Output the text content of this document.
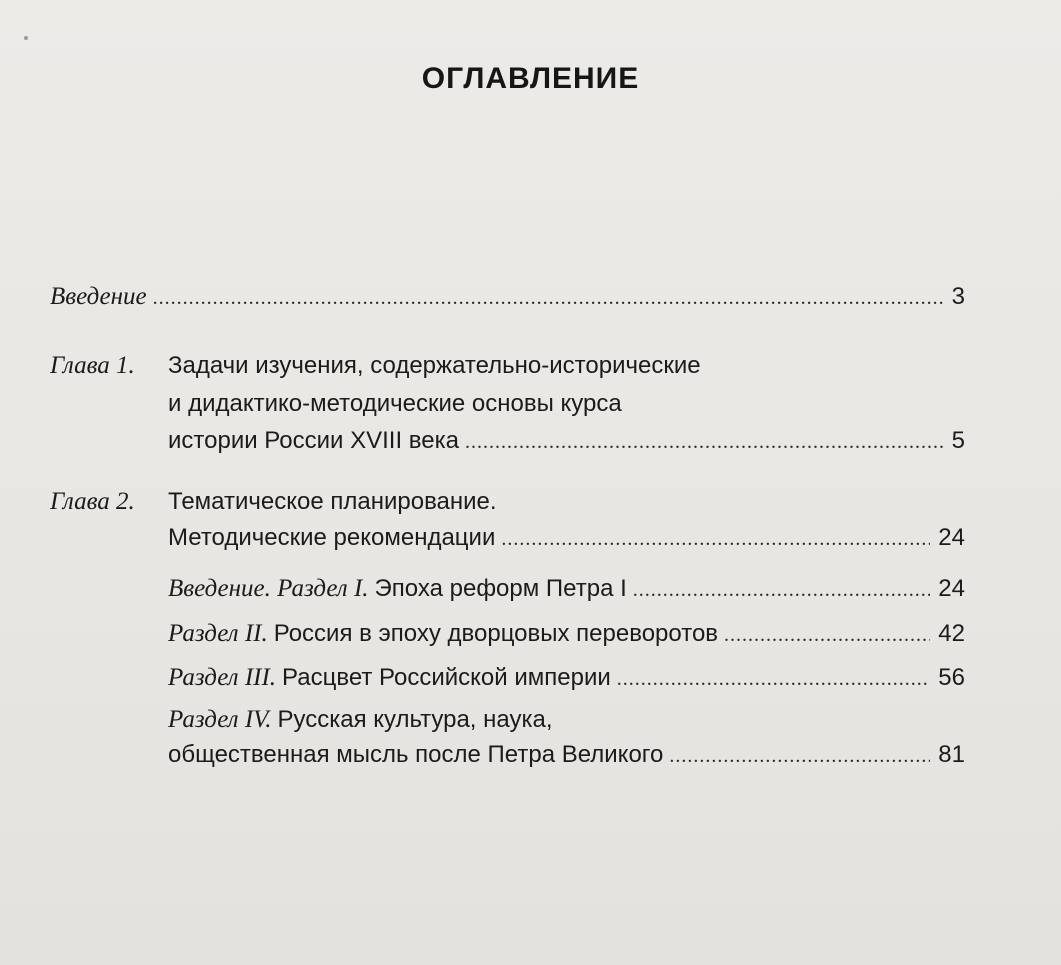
ОГЛАВЛЕНИЕ
Введение .....	3
Глава 1.	Задачи изучения, содержательно-исторические
и дидактико-методические основы курса
истории России XVIII века .....	5
Глава 2.	Тематическое планирование.
Методические рекомендации .....	24
Введение. Раздел I. Эпоха реформ Петра I .....	24
Раздел II. Россия в эпоху дворцовых переворотов .....	42
Раздел III. Расцвет Российской империи .....	56
Раздел IV. Русская культура, наука,
общественная мысль после Петра Великого .....	81
